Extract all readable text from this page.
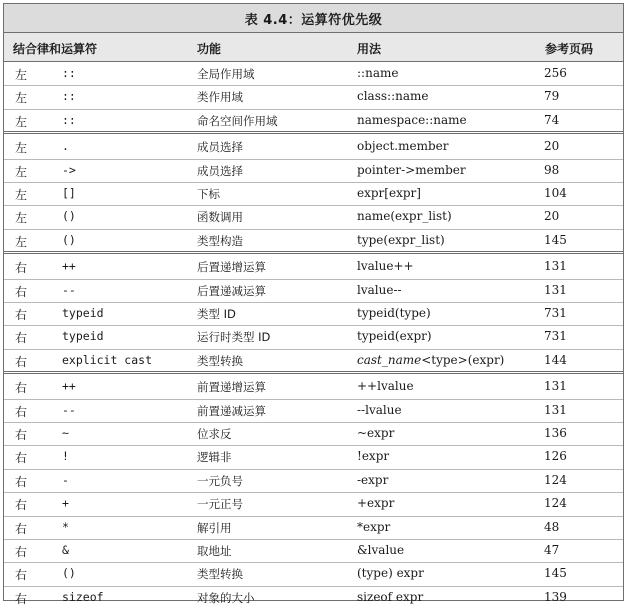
表 4.4：运算符优先级
结合律和运算符	功能	用法	参考页码
左	::	全局作用域	::name	256
左	::	类作用域	class::name	79
左	::	命名空间作用域	namespace::name	74
左	.	成员选择	object.member	20
左	->	成员选择	pointer->member	98
左	[]	下标	expr[expr]	104
左	()	函数调用	name(expr_list)	20
左	()	类型构造	type(expr_list)	145
右	++	后置递增运算	lvalue++	131
右	--	后置递减运算	lvalue--	131
右	typeid	类型 ID	typeid(type)	731
右	typeid	运行时类型 ID	typeid(expr)	731
右	explicit cast	类型转换	cast_name<type>(expr)	144
右	++	前置递增运算	++lvalue	131
右	--	前置递减运算	--lvalue	131
右	~	位求反	~expr	136
右	!	逻辑非	!expr	126
右	-	一元负号	-expr	124
右	+	一元正号	+expr	124
右	*	解引用	*expr	48
右	&	取地址	&lvalue	47
右	()	类型转换	(type) expr	145
右	sizeof	对象的大小	sizeof expr	139
